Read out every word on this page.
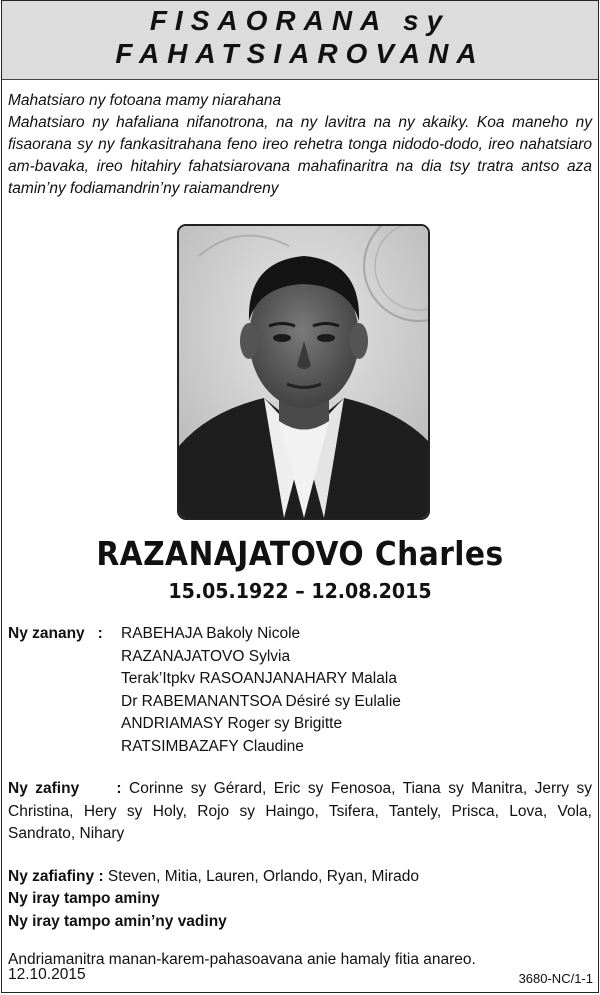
FISAORANA sy
FAHATSIAROVANA

Mahatsiaro ny fotoana mamy niarahana

Mahatsiaro ny hafaliana nifanotrona, na ny lavitra na ny akaiky. Koa maneho ny fisaorana sy ny fankasitrahana feno ireo rehetra tonga nidodo-dodo, ireo nahatsiaro am-bavaka, ireo hitahiry fahatsiarovana mahafinaritra na dia tsy tratra antso aza tamin’ny fodiamandrin’ny raiamandreny

RAZANAJATOVO Charles
15.05.1922 – 12.08.2015
Ny zanany   : RABEHAJA Bakoly Nicole
RAZANAJATOVO Sylvia
Terak’Itpkv RASOANJANAHARY Malala
Dr RABEMANANTSOA Désiré sy Eulalie
ANDRIAMASY Roger sy Brigitte
RATSIMBAZAFY Claudine
Ny zafiny     : Corinne sy Gérard, Eric sy Fenosoa, Tiana sy Manitra, Jerry sy Christina, Hery sy Holy, Rojo sy Haingo, Tsifera, Tantely, Prisca, Lova, Vola, Sandrato, Nihary
Ny zafiafiny : Steven, Mitia, Lauren, Orlando, Ryan, Mirado
Ny iray tampo aminy
Ny iray tampo amin’ny vadiny
Andriamanitra manan-karem-pahasoavana anie hamaly fitia anareo.
12.10.2015	3680-NC/1-1
